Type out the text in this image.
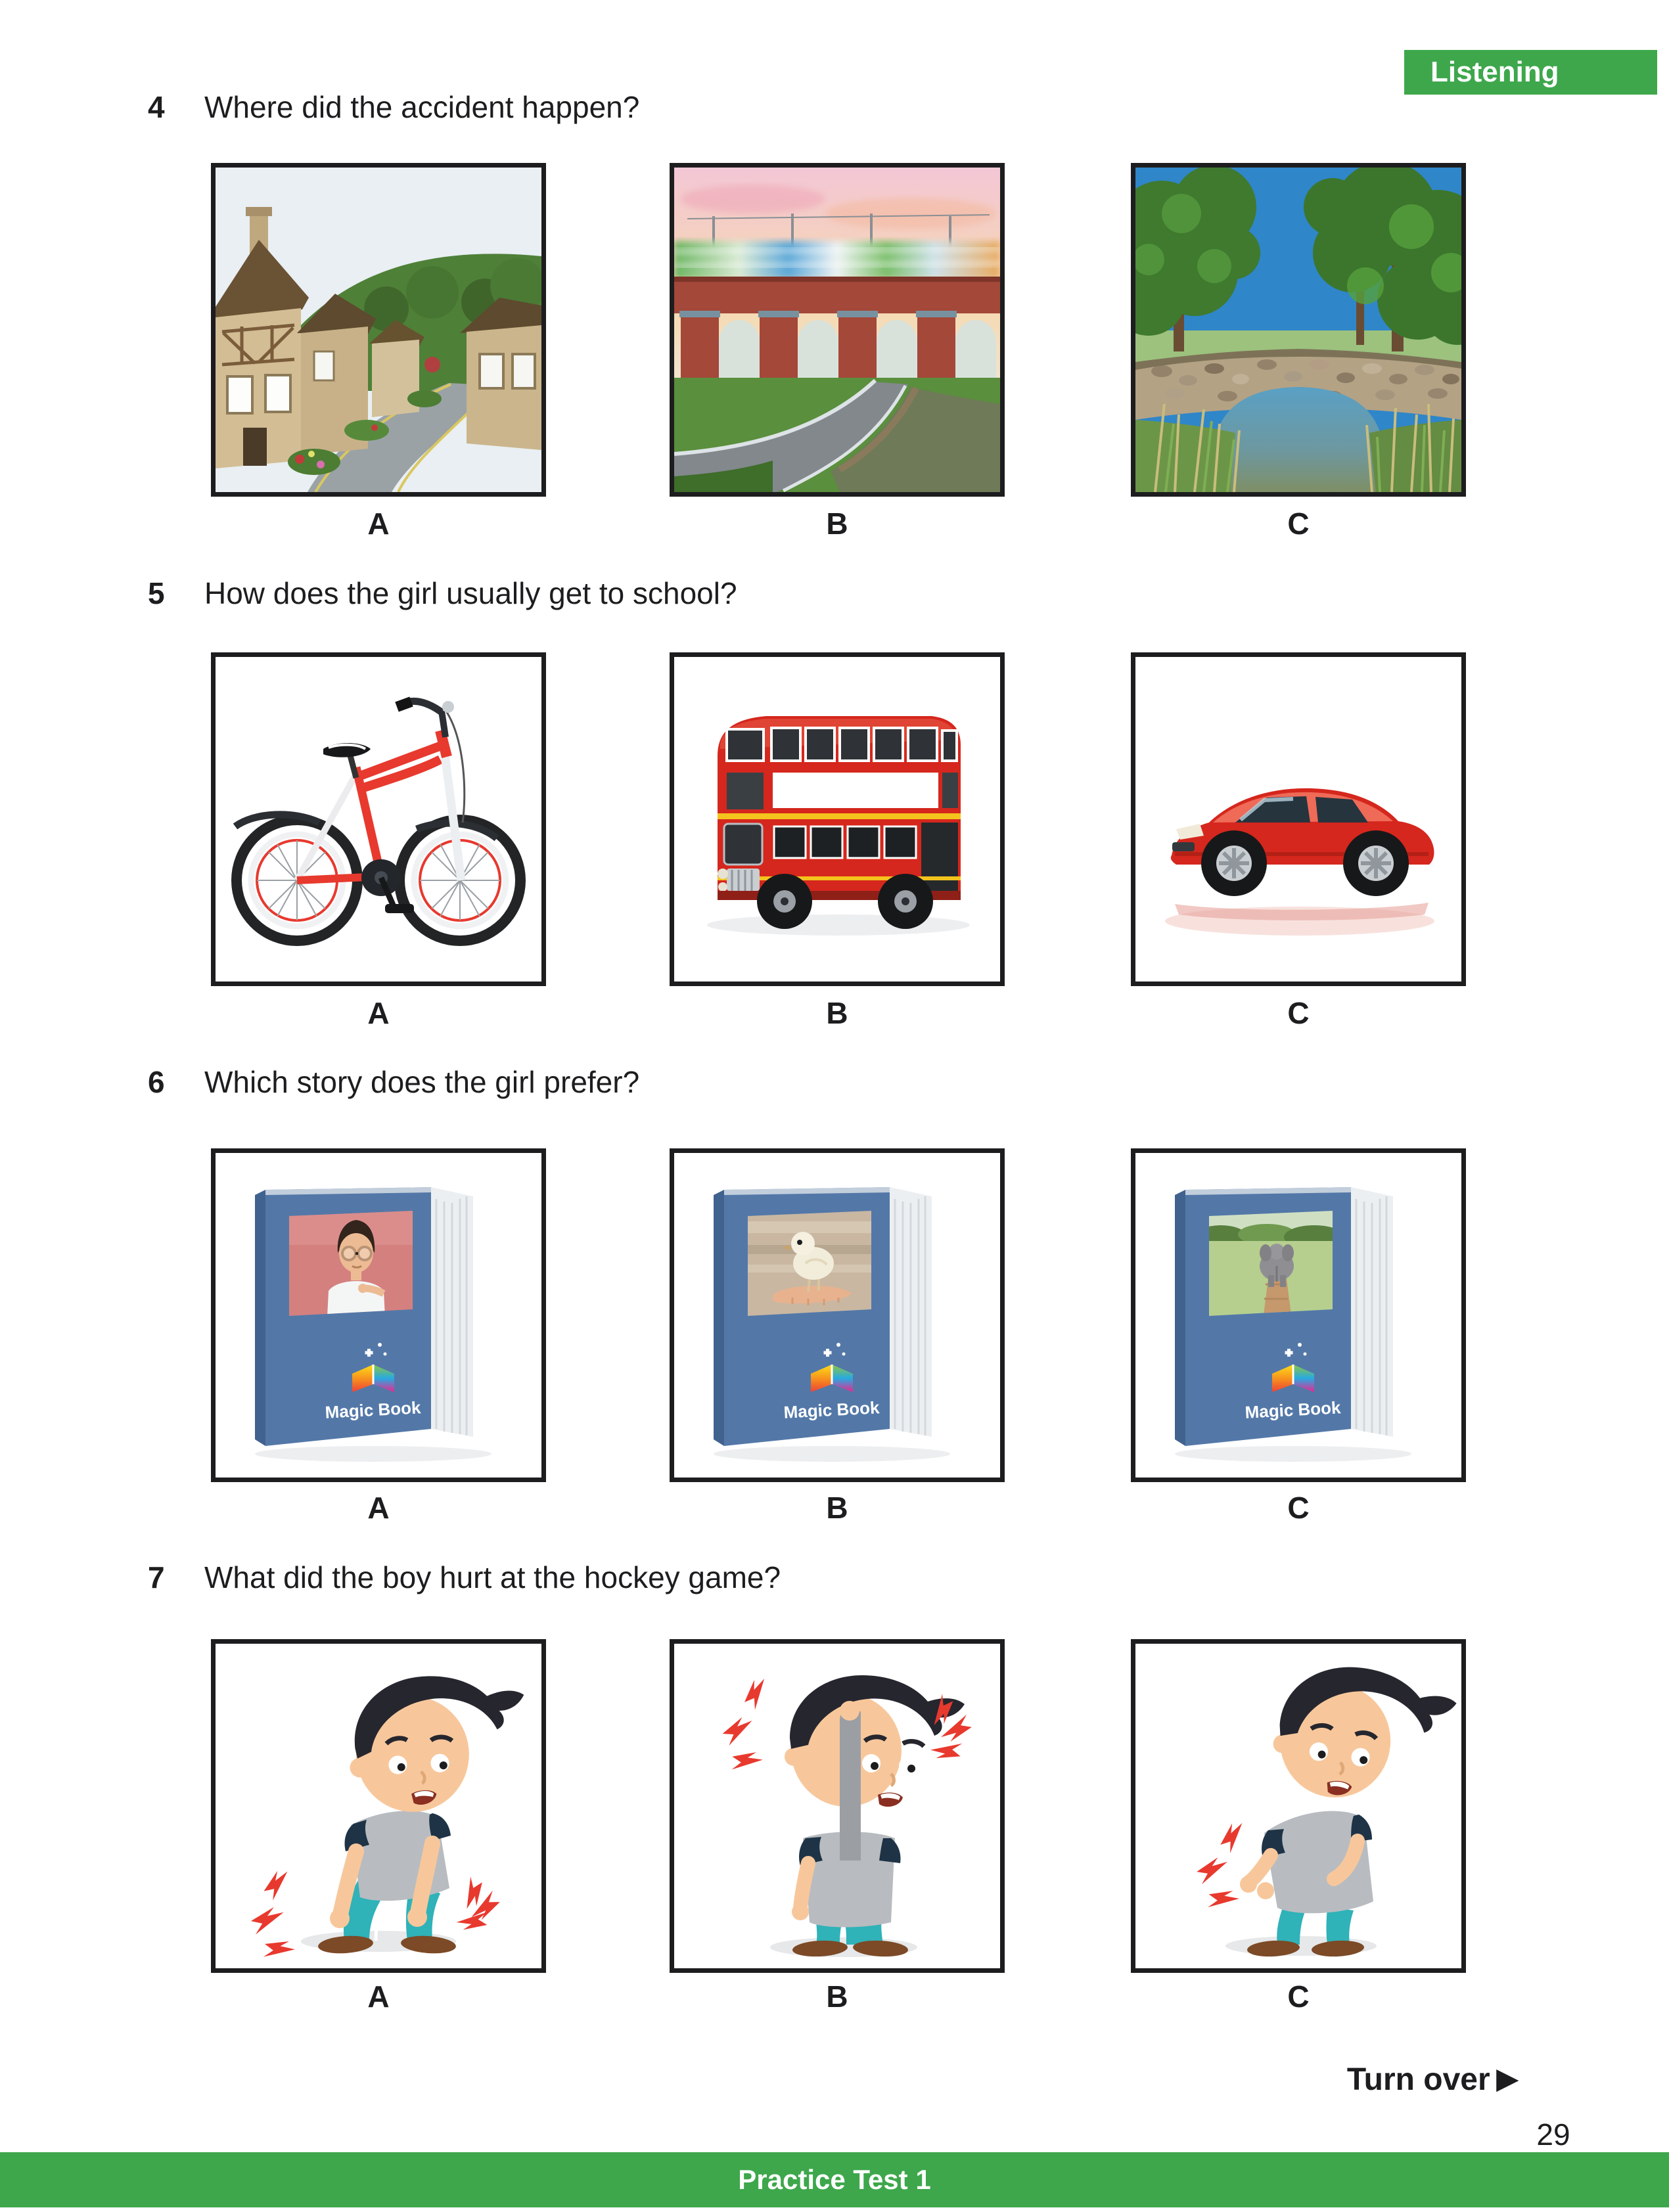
Listening
4 Where did the accident happen?
A	B	C
5 How does the girl usually get to school?
A	B	C
6 Which story does the girl prefer?
Magic Book	Magic Book	Magic Book
A	B	C
7 What did the boy hurt at the hockey game?
A	B	C
Turn over ▶
29
Practice Test 1
